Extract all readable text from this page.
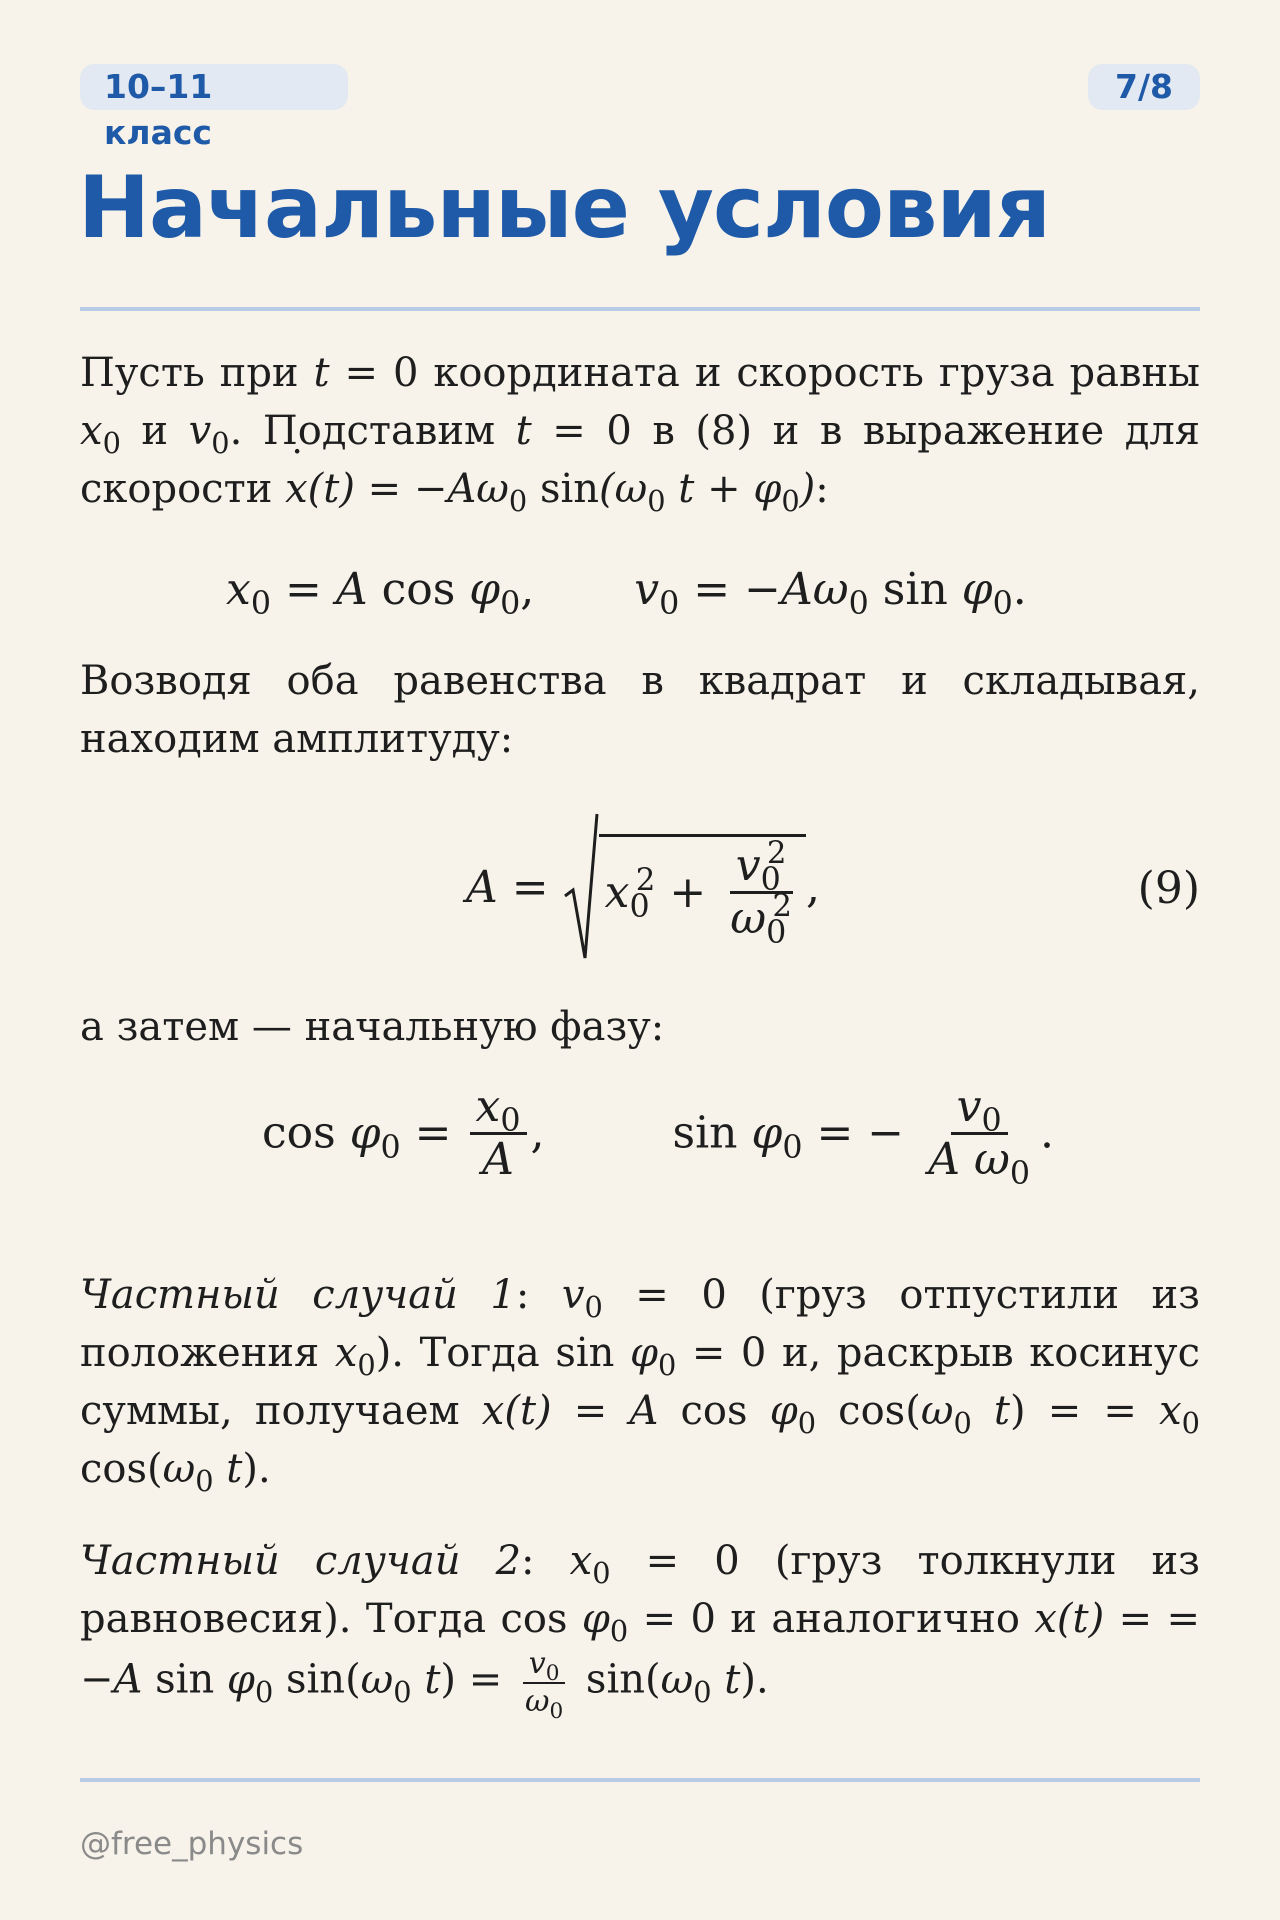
10–11 класс
7/8
Начальные условия

Пусть при t = 0 координата и скорость груза равны $x_0$ и $v_0$. Подставим t = 0 в (8) и в выражение для скорости x ˙(t) = $-A\omega_0$ $\sin(\omega_0$ $t + \varphi_0$):

$x_0 = A$ $\cos \varphi_0$, $v_0 = -A\omega_0$ $\sin \varphi_0$.

Возводя оба равенства в квадрат и складывая, находим амплитуду:

$A = x_0^2 + \frac{v_0^2}{\omega_0^2}$ ,	(9)

а затем — начальную фазу:

$\cos \varphi_0 = \frac{x_0}{A}$ ,	$\sin \varphi_0$ = − $\frac{v_0}{A \omega_0}$ .

Частный случай 1: $v_0 = 0$ (груз отпустили из положения $x_0$). Тогда $\sin \varphi_0 = 0$ и, раскрыв косинус суммы, получаем x(t) = A $\cos \varphi_0$ $\cos(\omega_0$ t) = = $x_0$ $\cos(\omega_0$ t).

Частный случай 2: $x_0 = 0$ (груз толкнули из равновесия). Тогда $\cos \varphi_0 = 0$ и аналогично x(t) = = −A $\sin \varphi_0$ $\sin(\omega_0$ $t) = \frac{v_0}{\omega_0} \sin(\omega_0$ t).

@free_physics
